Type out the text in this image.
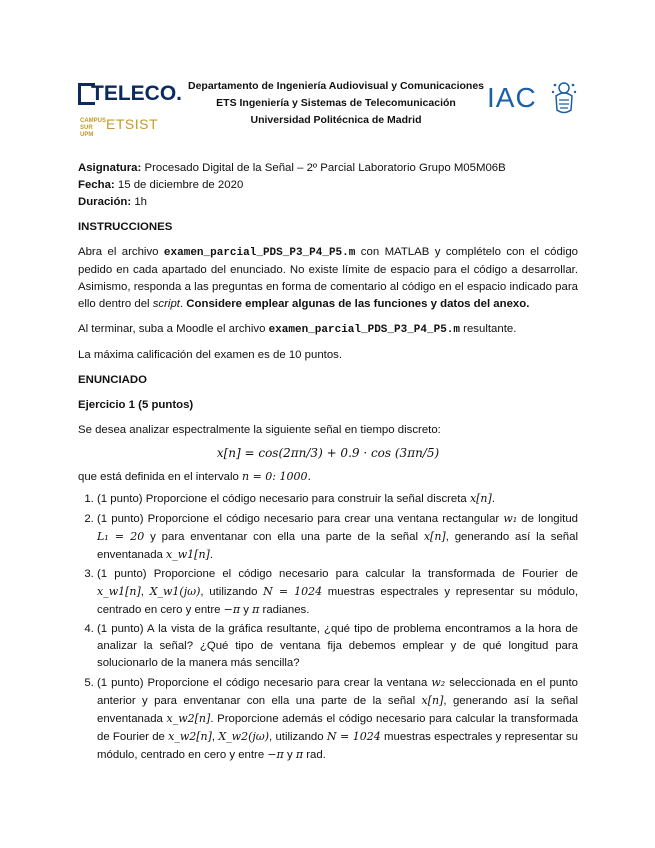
TELECO.
CAMPUS SUR UPM
ETSIST
Departamento de Ingeniería Audiovisual y Comunicaciones
ETS Ingeniería y Sistemas de Telecomunicación
Universidad Politécnica de Madrid
IAC

Asignatura: Procesado Digital de la Señal – 2º Parcial Laboratorio Grupo M05M06B

Fecha: 15 de diciembre de 2020

Duración: 1h

INSTRUCCIONES

Abra el archivo examen_parcial_PDS_P3_P4_P5.m con MATLAB y complételo con el código pedido en cada apartado del enunciado. No existe límite de espacio para el código a desarrollar. Asimismo, responda a las preguntas en forma de comentario al código en el espacio indicado para ello dentro del script. Considere emplear algunas de las funciones y datos del anexo.

Al terminar, suba a Moodle el archivo examen_parcial_PDS_P3_P4_P5.m resultante.

La máxima calificación del examen es de 10 puntos.

ENUNCIADO

Ejercicio 1 (5 puntos)

Se desea analizar espectralmente la siguiente señal en tiempo discreto:

x[n] = cos(2πn/3) + 0.9 · cos (3πn/5)

que está definida en el intervalo n = 0: 1000.

1. (1 punto) Proporcione el código necesario para construir la señal discreta x[n].
2. (1 punto) Proporcione el código necesario para crear una ventana rectangular w₁ de longitud L₁ = 20 y para enventanar con ella una parte de la señal x[n], generando así la señal enventanada x_w1[n].
3. (1 punto) Proporcione el código necesario para calcular la transformada de Fourier de x_w1[n], X_w1(jω), utilizando N = 1024 muestras espectrales y representar su módulo, centrado en cero y entre −π y π radianes.
4. (1 punto) A la vista de la gráfica resultante, ¿qué tipo de problema encontramos a la hora de analizar la señal? ¿Qué tipo de ventana fija debemos emplear y de qué longitud para solucionarlo de la manera más sencilla?
5. (1 punto) Proporcione el código necesario para crear la ventana w₂ seleccionada en el punto anterior y para enventanar con ella una parte de la señal x[n], generando así la señal enventanada x_w2[n]. Proporcione además el código necesario para calcular la transformada de Fourier de x_w2[n], X_w2(jω), utilizando N = 1024 muestras espectrales y representar su módulo, centrado en cero y entre −π y π rad.
